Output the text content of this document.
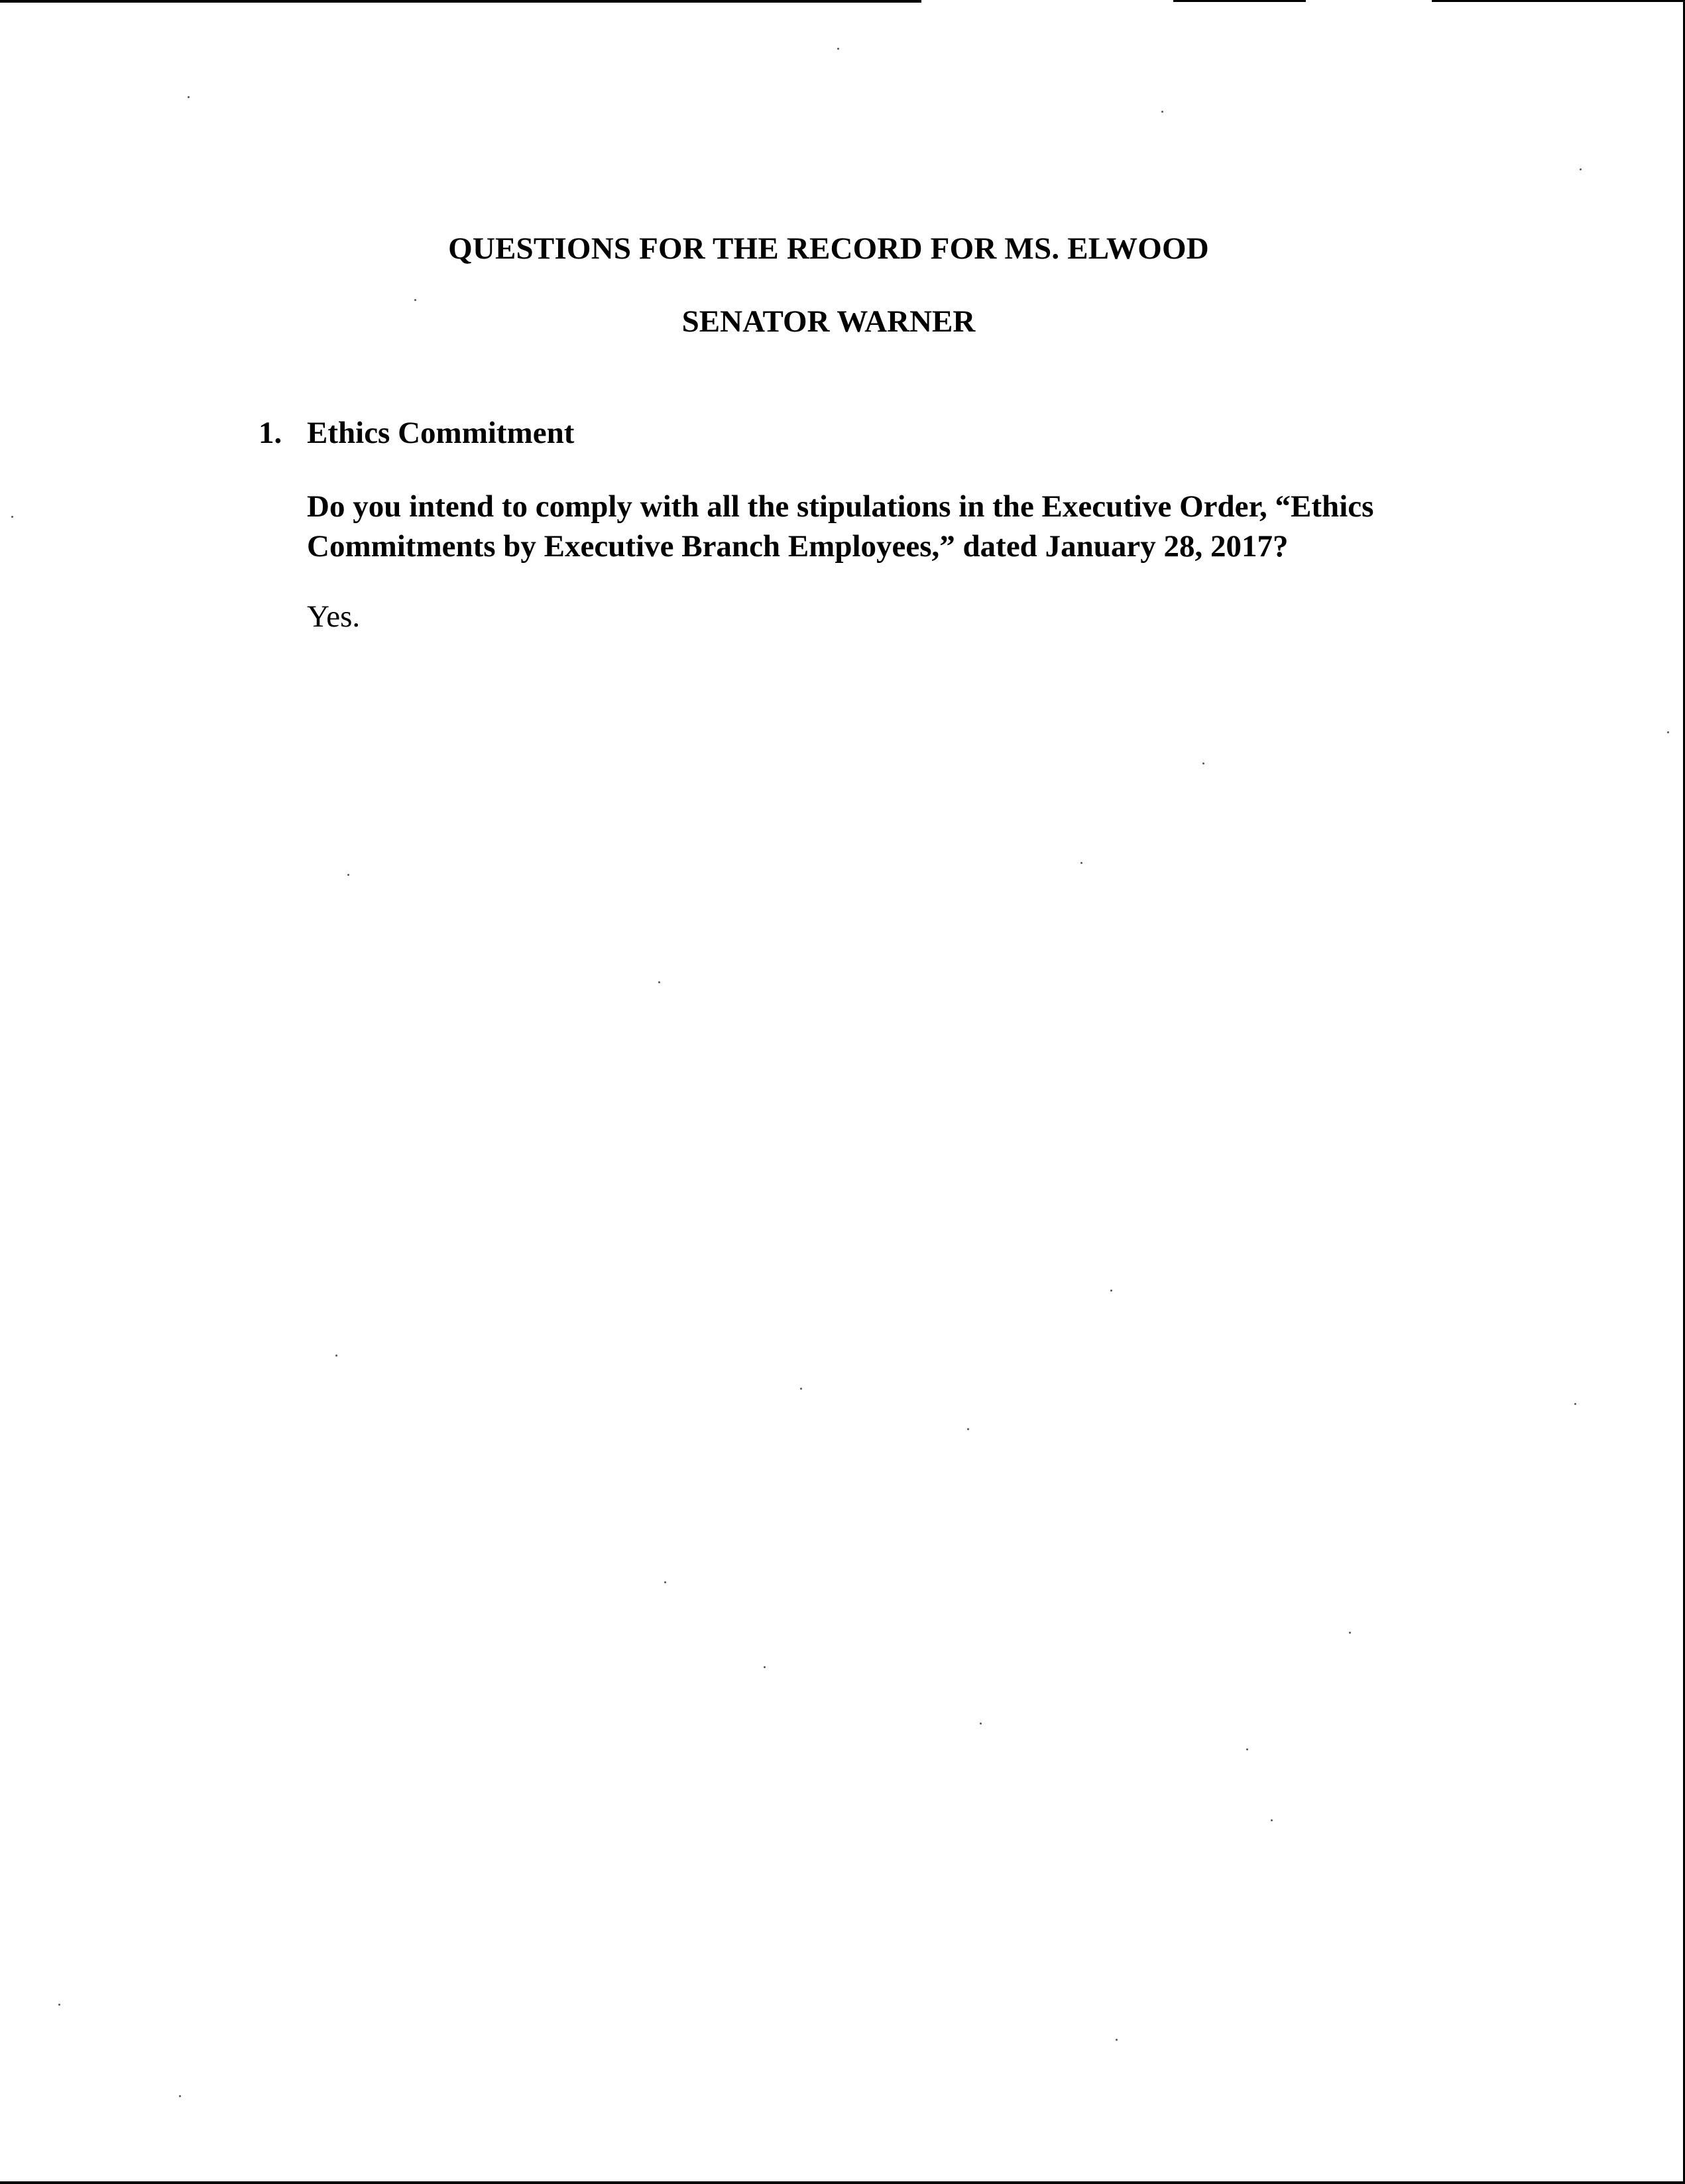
QUESTIONS FOR THE RECORD FOR MS. ELWOOD
SENATOR WARNER
1. Ethics Commitment
Do you intend to comply with all the stipulations in the Executive Order, “Ethics
Commitments by Executive Branch Employees,” dated January 28, 2017?
Yes.
